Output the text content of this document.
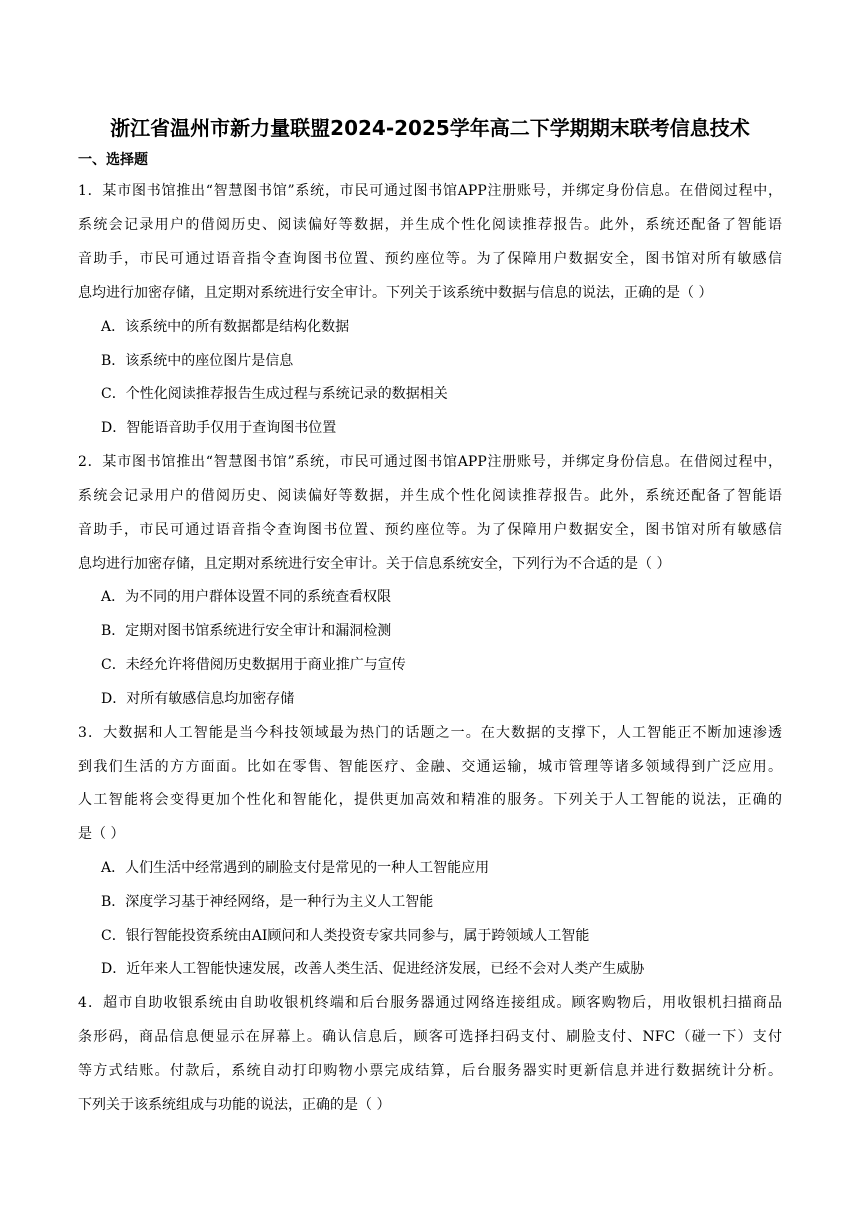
浙江省温州市新力量联盟2024-2025学年高二下学期期末联考信息技术
一、选择题
1．某市图书馆推出“智慧图书馆”系统，市民可通过图书馆APP注册账号，并绑定身份信息。在借阅过程中，
系统会记录用户的借阅历史、阅读偏好等数据，并生成个性化阅读推荐报告。此外，系统还配备了智能语
音助手，市民可通过语音指令查询图书位置、预约座位等。为了保障用户数据安全，图书馆对所有敏感信
息均进行加密存储，且定期对系统进行安全审计。下列关于该系统中数据与信息的说法，正确的是（ ）
A．该系统中的所有数据都是结构化数据
B．该系统中的座位图片是信息
C．个性化阅读推荐报告生成过程与系统记录的数据相关
D．智能语音助手仅用于查询图书位置
2．某市图书馆推出“智慧图书馆”系统，市民可通过图书馆APP注册账号，并绑定身份信息。在借阅过程中，
系统会记录用户的借阅历史、阅读偏好等数据，并生成个性化阅读推荐报告。此外，系统还配备了智能语
音助手，市民可通过语音指令查询图书位置、预约座位等。为了保障用户数据安全，图书馆对所有敏感信
息均进行加密存储，且定期对系统进行安全审计。关于信息系统安全，下列行为不合适的是（ ）
A．为不同的用户群体设置不同的系统查看权限
B．定期对图书馆系统进行安全审计和漏洞检测
C．未经允许将借阅历史数据用于商业推广与宣传
D．对所有敏感信息均加密存储
3．大数据和人工智能是当今科技领域最为热门的话题之一。在大数据的支撑下，人工智能正不断加速渗透
到我们生活的方方面面。比如在零售、智能医疗、金融、交通运输，城市管理等诸多领域得到广泛应用。
人工智能将会变得更加个性化和智能化，提供更加高效和精准的服务。下列关于人工智能的说法，正确的
是（ ）
A．人们生活中经常遇到的刷脸支付是常见的一种人工智能应用
B．深度学习基于神经网络，是一种行为主义人工智能
C．银行智能投资系统由AI顾问和人类投资专家共同参与，属于跨领域人工智能
D．近年来人工智能快速发展，改善人类生活、促进经济发展，已经不会对人类产生威胁
4．超市自助收银系统由自助收银机终端和后台服务器通过网络连接组成。顾客购物后，用收银机扫描商品
条形码，商品信息便显示在屏幕上。确认信息后，顾客可选择扫码支付、刷脸支付、NFC（碰一下）支付
等方式结账。付款后，系统自动打印购物小票完成结算，后台服务器实时更新信息并进行数据统计分析。
下列关于该系统组成与功能的说法，正确的是（ ）
